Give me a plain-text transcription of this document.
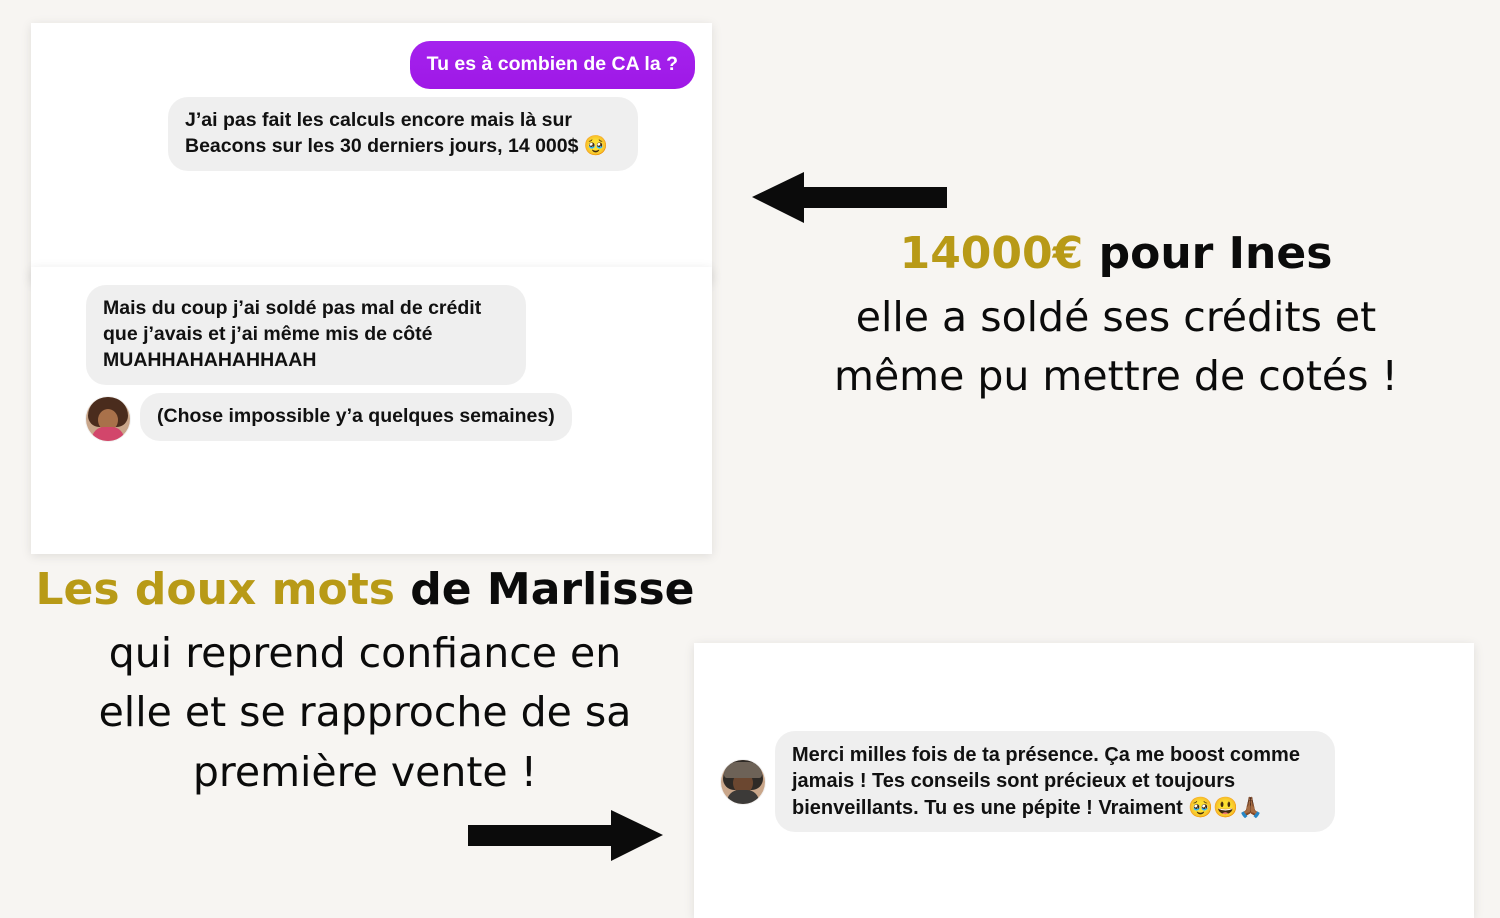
Tu es à combien de CA la ?
J’ai pas fait les calculs encore mais là sur Beacons sur les 30 derniers jours, 14 000$ 🥹
Mais du coup j’ai soldé pas mal de crédit que j’avais et j’ai même mis de côté MUAHHAHAHAHHAAH
(Chose impossible y’a quelques semaines)
Merci milles fois de ta présence. Ça me boost comme jamais ! Tes conseils sont précieux et toujours bienveillants. Tu es une pépite ! Vraiment 🥹😃🙏🏾
14000€ pour Ines
elle a soldé ses crédits et
même pu mettre de cotés !
Les doux mots de Marlisse
qui reprend confiance en
elle et se rapproche de sa
première vente !
